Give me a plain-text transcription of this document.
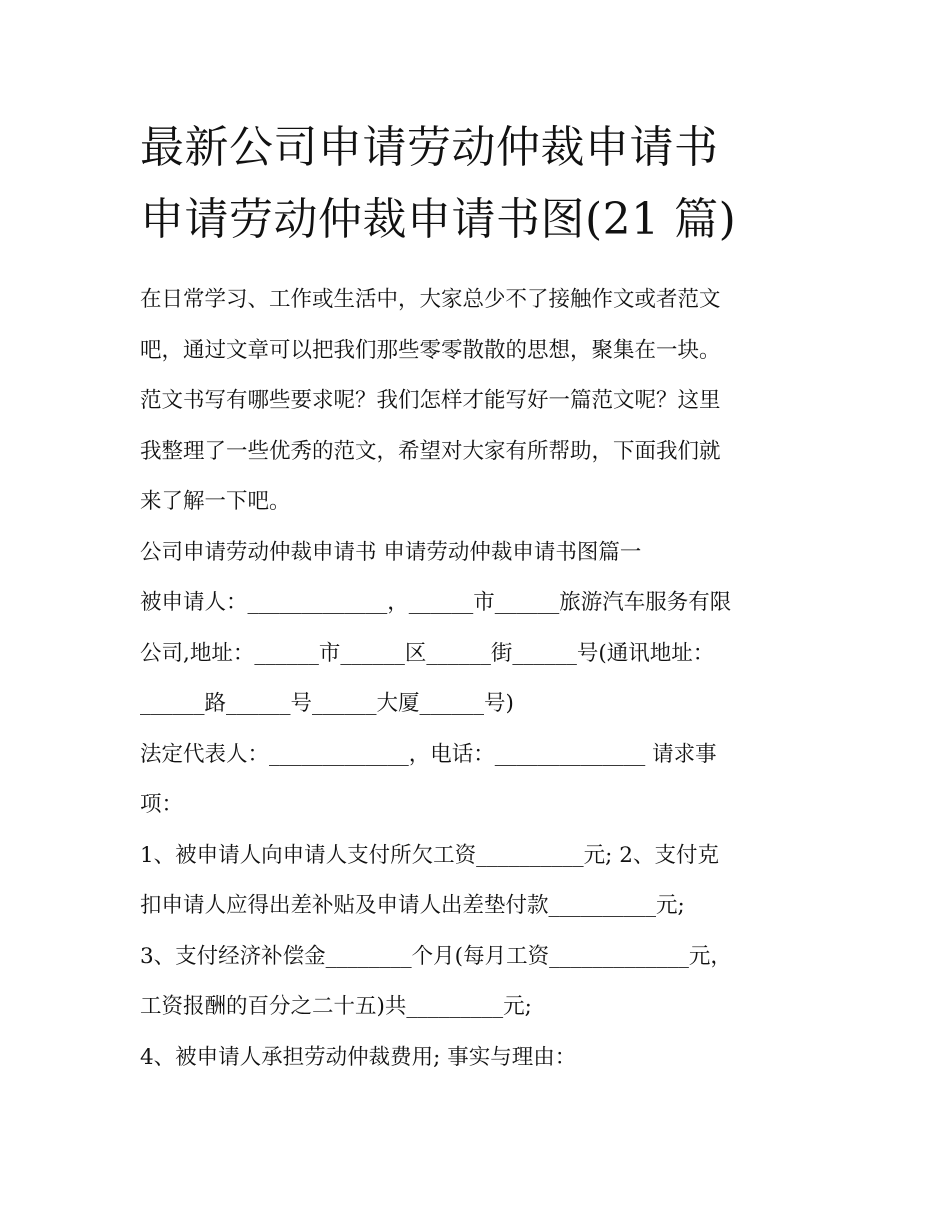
最新公司申请劳动仲裁申请书
申请劳动仲裁申请书图(21 篇)
在日常学习、工作或生活中，大家总少不了接触作文或者范文
吧，通过文章可以把我们那些零零散散的思想，聚集在一块。
范文书写有哪些要求呢？我们怎样才能写好一篇范文呢？这里
我整理了一些优秀的范文，希望对大家有所帮助，下面我们就
来了解一下吧。
公司申请劳动仲裁申请书 申请劳动仲裁申请书图篇一
被申请人：_____________，______市______旅游汽车服务有限
公司,地址：______市______区______街______号(通讯地址：
______路______号______大厦______号)
法定代表人：_____________，电话：______________ 请求事
项：
1、被申请人向申请人支付所欠工资__________元; 2、支付克
扣申请人应得出差补贴及申请人出差垫付款__________元;
3、支付经济补偿金________个月(每月工资_____________元，
工资报酬的百分之二十五)共_________元;
4、被申请人承担劳动仲裁费用; 事实与理由：
